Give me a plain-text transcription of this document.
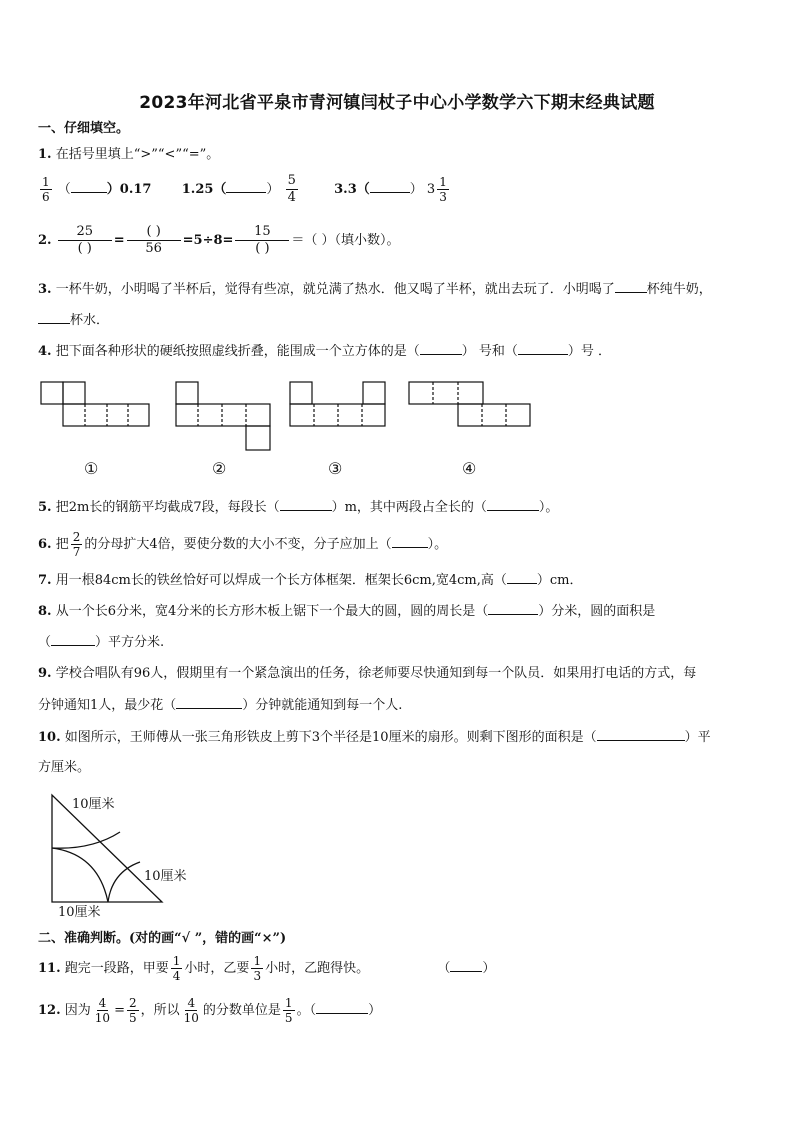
2023年河北省平泉市青河镇闫杖子中心小学数学六下期末经典试题
一、仔细填空。
1. 在括号里填上“>”“<”“=”。
$\frac{1}{6}$ （	）0.17 1.25（	） $\frac{5}{4}$	3.3（	） $3 \frac{1}{3}$
2. $\frac{25}{( )} = \frac{( )}{56} =5\div 8= \frac{15}{( )}$ ＝（ ）（填小数）。
3. 一杯牛奶，小明喝了半杯后，觉得有些凉，就兑满了热水．他又喝了半杯，就出去玩了．小明喝了 杯纯牛奶，
杯水．
4. 把下面各种形状的硬纸按照虚线折叠，能围成一个立方体的是（	） 号和（	）号 ．
①	②	③	④
5. 把2m长的钢筋平均截成7段，每段长（	）m，其中两段占全长的（	）。
6. 把 $\frac{2}{7}$ 的分母扩大4倍，要使分数的大小不变，分子应加上（	）。
7. 用一根84cm长的铁丝恰好可以焊成一个长方体框架．框架长6cm,宽4cm,高（ ）cm．
8. 从一个长6分米，宽4分米的长方形木板上锯下一个最大的圆，圆的周长是（	）分米，圆的面积是
（	）平方分米.
9. 学校合唱队有96人，假期里有一个紧急演出的任务，徐老师要尽快通知到每一个队员．如果用打电话的方式，每
分钟通知1人，最少花（	）分钟就能通知到每一个人.
10. 如图所示，王师傅从一张三角形铁皮上剪下3个半径是10厘米的扇形。则剩下图形的面积是（	）平
方厘米。
10厘米
10厘米
10厘米
二、准确判断。(对的画“√ ”，错的画“×”)
11. 跑完一段路，甲要 $\frac{1}{4}$ 小时，乙要 $\frac{1}{3}$ 小时，乙跑得快。	（ ）
12. 因为 $\frac{4}{10} = \frac{2}{5}$ ，所以 $\frac{4}{10}$ 的分数单位是 $\frac{1}{5}$ 。（	）
